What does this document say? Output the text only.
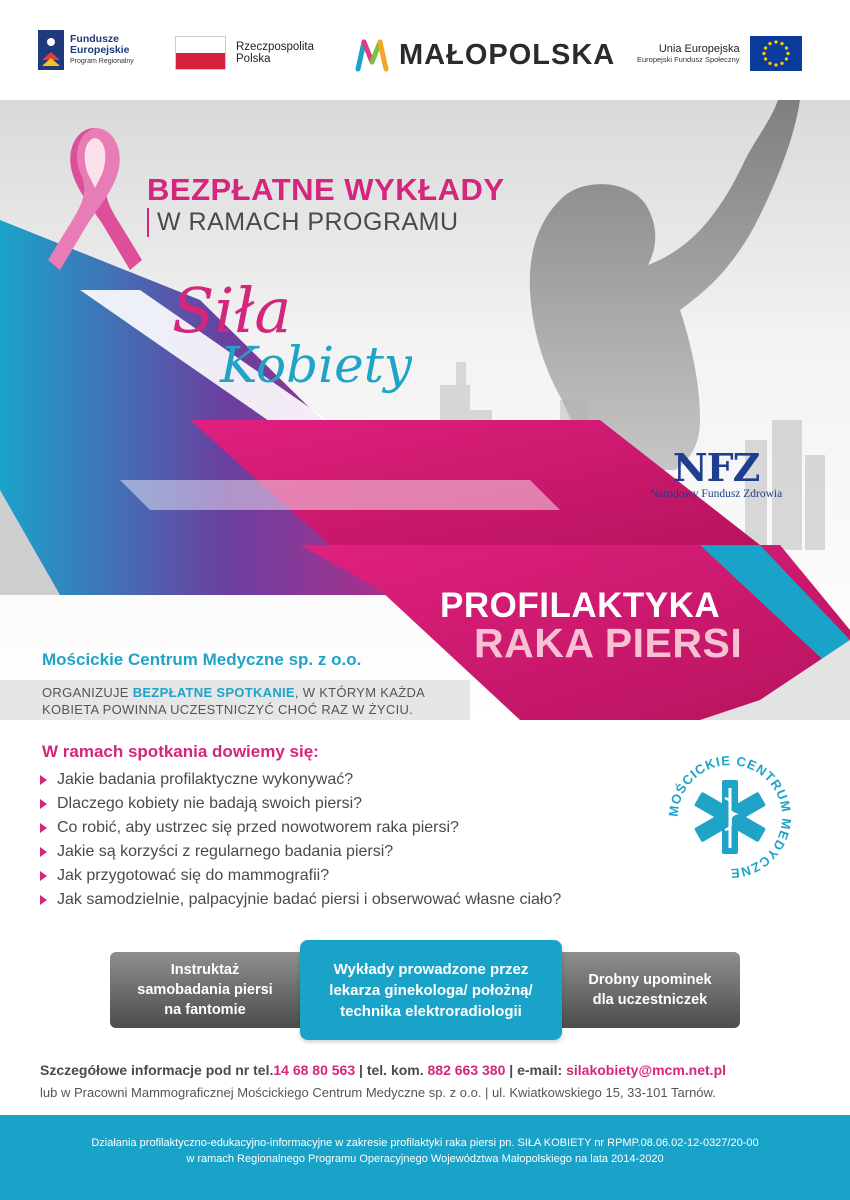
Fundusze
Europejskie
Program Regionalny
Rzeczpospolita
Polska	MAŁOPOLSKA	Unia Europejska
Europejski Fundusz Społeczny
BEZPŁATNE WYKŁADY
W RAMACH PROGRAMU
Siła
Kobiety
NFZ
Narodowy Fundusz Zdrowia
PROFILAKTYKA
RAKA PIERSI
Mościckie Centrum Medyczne sp. z o.o.
ORGANIZUJE BEZPŁATNE SPOTKANIE, W KTÓRYM KAŻDA
KOBIETA POWINNA UCZESTNICZYĆ CHOĆ RAZ W ŻYCIU.
W ramach spotkania dowiemy się:
Jakie badania profilaktyczne wykonywać?
Dlaczego kobiety nie badają swoich piersi?
Co robić, aby ustrzec się przed nowotworem raka piersi?
Jakie są korzyści z regularnego badania piersi?
Jak przygotować się do mammografii?
Jak samodzielnie, palpacyjnie badać piersi i obserwować własne ciało?
MOŚCICKIE CENTRUM MEDYCZNE
Instruktaż
samobadania piersi
na fantomie
Drobny upominek
dla uczestniczek
Wykłady prowadzone przez
lekarza ginekologa/ położną/
technika elektroradiologii
Szczegółowe informacje pod nr tel.14 68 80 563 | tel. kom. 882 663 380 | e-mail: silakobiety@mcm.net.pl
lub w Pracowni Mammograficznej Mościckiego Centrum Medyczne sp. z o.o. | ul. Kwiatkowskiego 15, 33-101 Tarnów.
Działania profilaktyczno-edukacyjno-informacyjne w zakresie profilaktyki raka piersi pn. SIŁA KOBIETY nr RPMP.08.06.02-12-0327/20-00
w ramach Regionalnego Programu Operacyjnego Województwa Małopolskiego na lata 2014-2020
